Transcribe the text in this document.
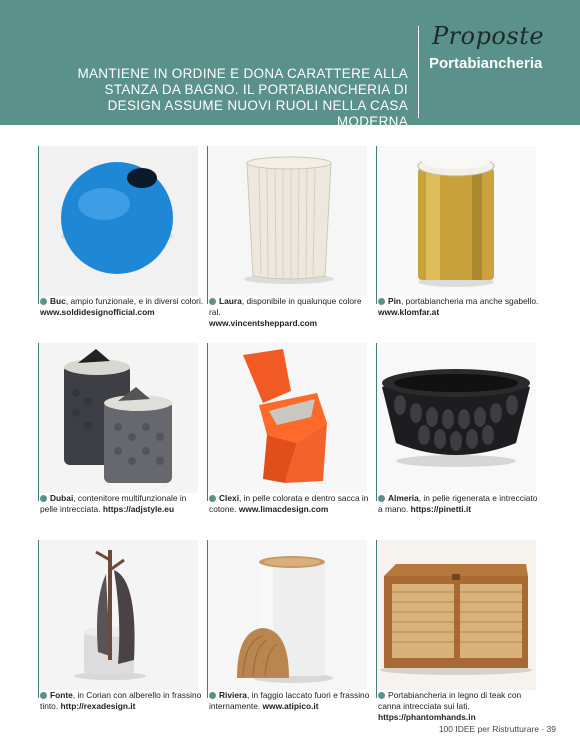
MANTIENE IN ORDINE E DONA CARATTERE ALLA STANZA DA BAGNO. IL PORTABIANCHERIA DI DESIGN ASSUME NUOVI RUOLI NELLA CASA MODERNA
Proposte
Portabiancheria
Buc, ampio funzionale, e in diversi colori.
www.soldidesignofficial.com
Laura, disponibile in qualunque colore ral.
www.vincentsheppard.com
Pin, portabiancheria ma anche sgabello.
www.klomfar.at
Dubai, contenitore multifunzionale in pelle intrecciata. https://adjstyle.eu
Clexi, in pelle colorata e dentro sacca in cotone. www.limacdesign.com
Almeria, in pelle rigenerata e intrecciato a mano. https://pinetti.it
Fonte, in Corian con alberello in frassino tinto. http://rexadesign.it
Riviera, in faggio laccato fuori e frassino internamente. www.atipico.it
Portabiancheria in legno di teak con canna intrecciata sui lati. https://phantomhands.in
100 IDEE per Ristrutturare · 39
